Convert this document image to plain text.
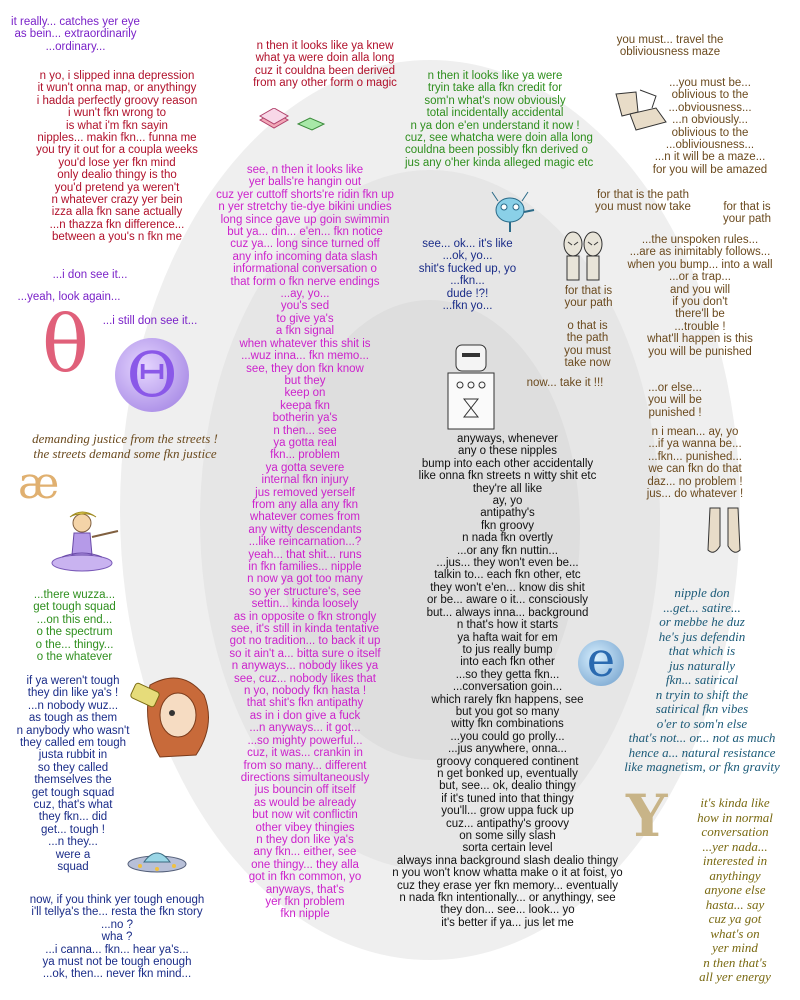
it really... catches yer eye
as bein... extraordinarily
...ordinary...
n yo, i slipped inna depression
it wun't onna map, or anythingy
i hadda perfectly groovy reason
i wun't fkn wrong to
is what i'm fkn sayin
nipples... makin fkn... funna me
you try it out for a coupla weeks
you'd lose yer fkn mind
only dealio thingy is tho
you'd pretend ya weren't
n whatever crazy yer bein
izza alla fkn sane actually
...n thazza fkn difference...
between a you's n fkn me
...i don see it...
...yeah, look again...
...i still don see it...
θ Θ
demanding justice from the streets !
the streets demand some fkn justice
æ
...there wuzza...
get tough squad
...on this end...
o the spectrum
o the... thingy...
o the whatever
if ya weren't tough
they din like ya's !
...n nobody wuz...
as tough as them
n anybody who wasn't
they called em tough
justa rubbit in
so they called
themselves the
get tough squad
cuz, that's what
they fkn... did
get... tough !
...n they...
were a
squad
now, if you think yer tough enough
i'll tellya's the... resta the fkn story
...no ?
wha ?
...i canna... fkn... hear ya's...
ya must not be tough enough
...ok, then... never fkn mind...
n then it looks like ya knew
what ya were doin alla long
cuz it couldna been derived
from any other form o magic
see, n then it looks like
yer balls're hangin out
cuz yer cuttoff shorts're ridin fkn up
n yer stretchy tie-dye bikini undies
long since gave up goin swimmin
but ya... din... e'en... fkn notice
cuz ya... long since turned off
any info incoming data slash
informational conversation o
that form o fkn nerve endings
...ay, yo...
you's sed
to give ya's
a fkn signal
when whatever this shit is
...wuz inna... fkn memo...
see, they don fkn know
but they
keep on
keepa fkn
botherin ya's
n then... see
ya gotta real
fkn... problem
ya gotta severe
internal fkn injury
jus removed yerself
from any alla any fkn
whatever comes from
any witty descendants
...like reincarnation...?
yeah... that shit... runs
in fkn families... nipple
n now ya got too many
so yer structure's, see
settin... kinda loosely
as in opposite o fkn strongly
see, it's still in kinda tentative
got no tradition... to back it up
so it ain't a... bitta sure o itself
n anyways... nobody likes ya
see, cuz... nobody likes that
n yo, nobody fkn hasta !
that shit's fkn antipathy
as in i don give a fuck
...n anyways... it got...
...so mighty powerful...
cuz, it was... crankin in
from so many... different
directions simultaneously
jus bouncin off itself
as would be already
but now wit conflictin
other vibey thingies
n they don like ya's
any fkn... either, see
one thingy... they alla
got in fkn common, yo
anyways, that's
yer fkn problem
fkn nipple
n then it looks like ya were
tryin take alla fkn credit for
som'n what's now obviously
total incidentally accidental
n ya don e'en understand it now !
cuz, see whatcha were doin alla long
couldna been possibly fkn derived o
jus any o'her kinda alleged magic etc
see... ok... it's like
...ok, yo...
shit's fucked up, yo
...fkn...
dude !?!
...fkn yo...
anyways, whenever
any o these nipples
bump into each other accidentally
like onna fkn streets n witty shit etc
they're all like
ay, yo
antipathy's
fkn groovy
n nada fkn overtly
...or any fkn nuttin...
...jus... they won't even be...
talkin to... each fkn other, etc
they won't e'en... know dis shit
or be... aware o it... consciously
but... always inna... background
n that's how it starts
ya hafta wait for em
to jus really bump
into each fkn other
...so they getta fkn...
...conversation goin...
which rarely fkn happens, see
but you got so many
witty fkn combinations
...you could go prolly...
...jus anywhere, onna...
groovy conquered continent
n get bonked up, eventually
but, see... ok, dealio thingy
if it's tuned into that thingy
you'll... grow uppa fuck up
cuz... antipathy's groovy
on some silly slash
sorta certain level
always inna background slash dealio thingy
n you won't know whatta make o it at foist, yo
cuz they erase yer fkn memory... eventually
n nada fkn intentionally... or anythingy, see
they don... see... look... yo
it's better if ya... jus let me
you must... travel the
obliviousness maze
...you must be...
oblivious to the
...obviousness...
...n obviously...
oblivious to the
...obliviousness...
...n it will be a maze...
for you will be amazed
for that is the path
you must now take	for that is
your path
...the unspoken rules...
...are as inimitably follows...
when you bump... into a wall
...or a trap...
and you will
if you don't
there'll be
...trouble !
what'll happen is this
you will be punished
for that is
your path
o that is
the path
you must
take now
now... take it !!!	...or else...
you will be
punished !
n i mean... ay, yo
...if ya wanna be...
...fkn... punished...
we can fkn do that
daz... no problem !
jus... do whatever !
nipple don
...get... satire...
or mebbe he duz
he's jus defendin
that which is
jus naturally
fkn... satirical
n tryin to shift the
satirical fkn vibes
o'er to som'n else
that's not... or... not as much
hence a... natural resistance
like magnetism, or fkn gravity
e
Y	it's kinda like
how in normal
conversation
...yer nada...
interested in
anythingy
anyone else
hasta... say
cuz ya got
what's on
yer mind
n then that's
all yer energy
